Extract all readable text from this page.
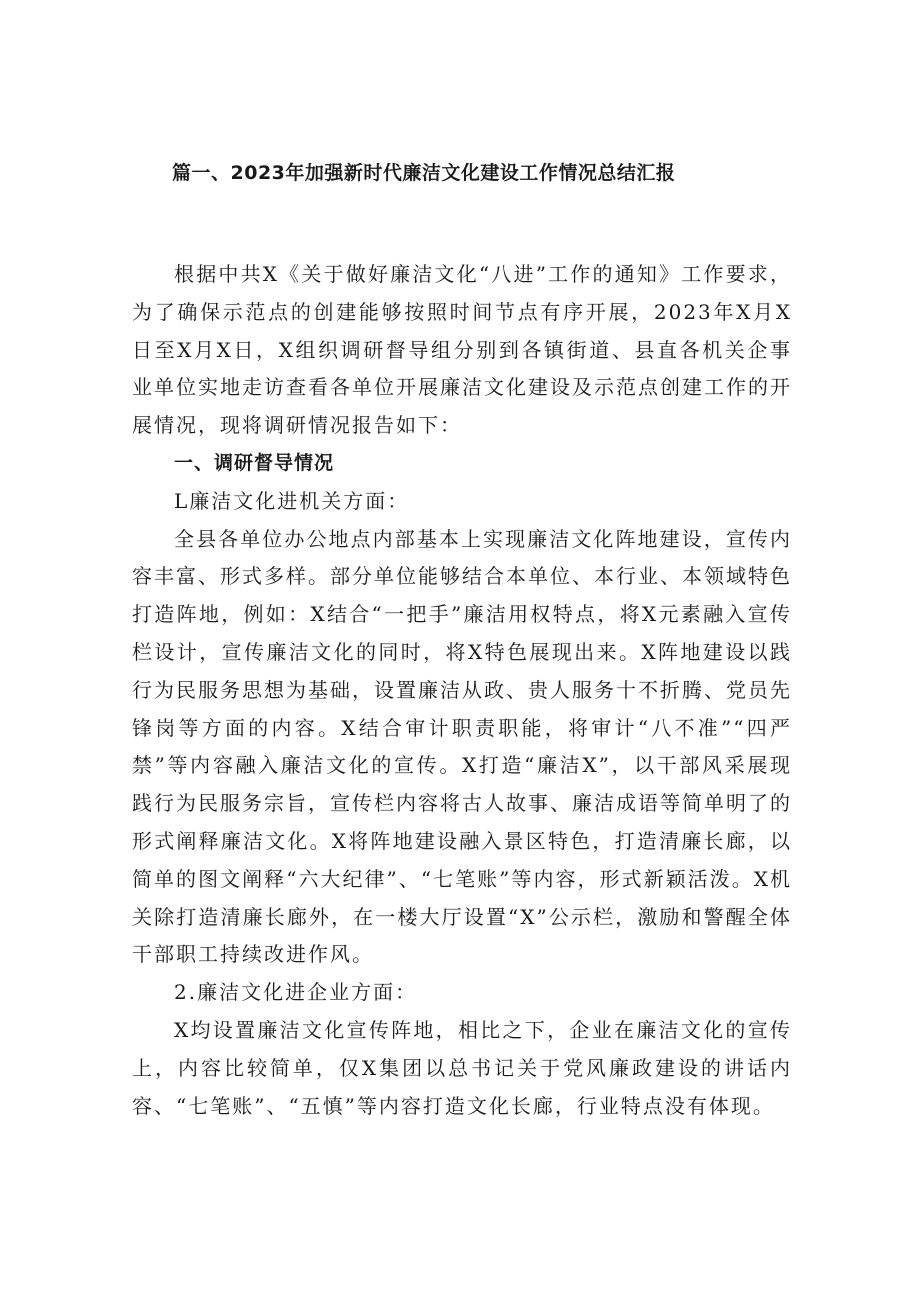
篇一、2023年加强新时代廉洁文化建设工作情况总结汇报

根据中共X《关于做好廉洁文化“八进”工作的通知》工作要求，为了确保示范点的创建能够按照时间节点有序开展，2023年X月X日至X月X日，X组织调研督导组分别到各镇街道、县直各机关企事业单位实地走访查看各单位开展廉洁文化建设及示范点创建工作的开展情况，现将调研情况报告如下：

一、调研督导情况

L廉洁文化进机关方面：

全县各单位办公地点内部基本上实现廉洁文化阵地建设，宣传内容丰富、形式多样。部分单位能够结合本单位、本行业、本领域特色打造阵地，例如：X结合“一把手”廉洁用权特点，将X元素融入宣传栏设计，宣传廉洁文化的同时，将X特色展现出来。X阵地建设以践行为民服务思想为基础，设置廉洁从政、贵人服务十不折腾、党员先锋岗等方面的内容。X结合审计职责职能，将审计“八不准”“四严禁”等内容融入廉洁文化的宣传。X打造“廉洁X”，以干部风采展现践行为民服务宗旨，宣传栏内容将古人故事、廉洁成语等简单明了的形式阐释廉洁文化。X将阵地建设融入景区特色，打造清廉长廊，以简单的图文阐释“六大纪律”、“七笔账”等内容，形式新颖活泼。X机关除打造清廉长廊外，在一楼大厅设置“X”公示栏，激励和警醒全体干部职工持续改进作风。

2.廉洁文化进企业方面：

X均设置廉洁文化宣传阵地，相比之下，企业在廉洁文化的宣传上，内容比较简单，仅X集团以总书记关于党风廉政建设的讲话内容、“七笔账”、“五慎”等内容打造文化长廊，行业特点没有体现。
